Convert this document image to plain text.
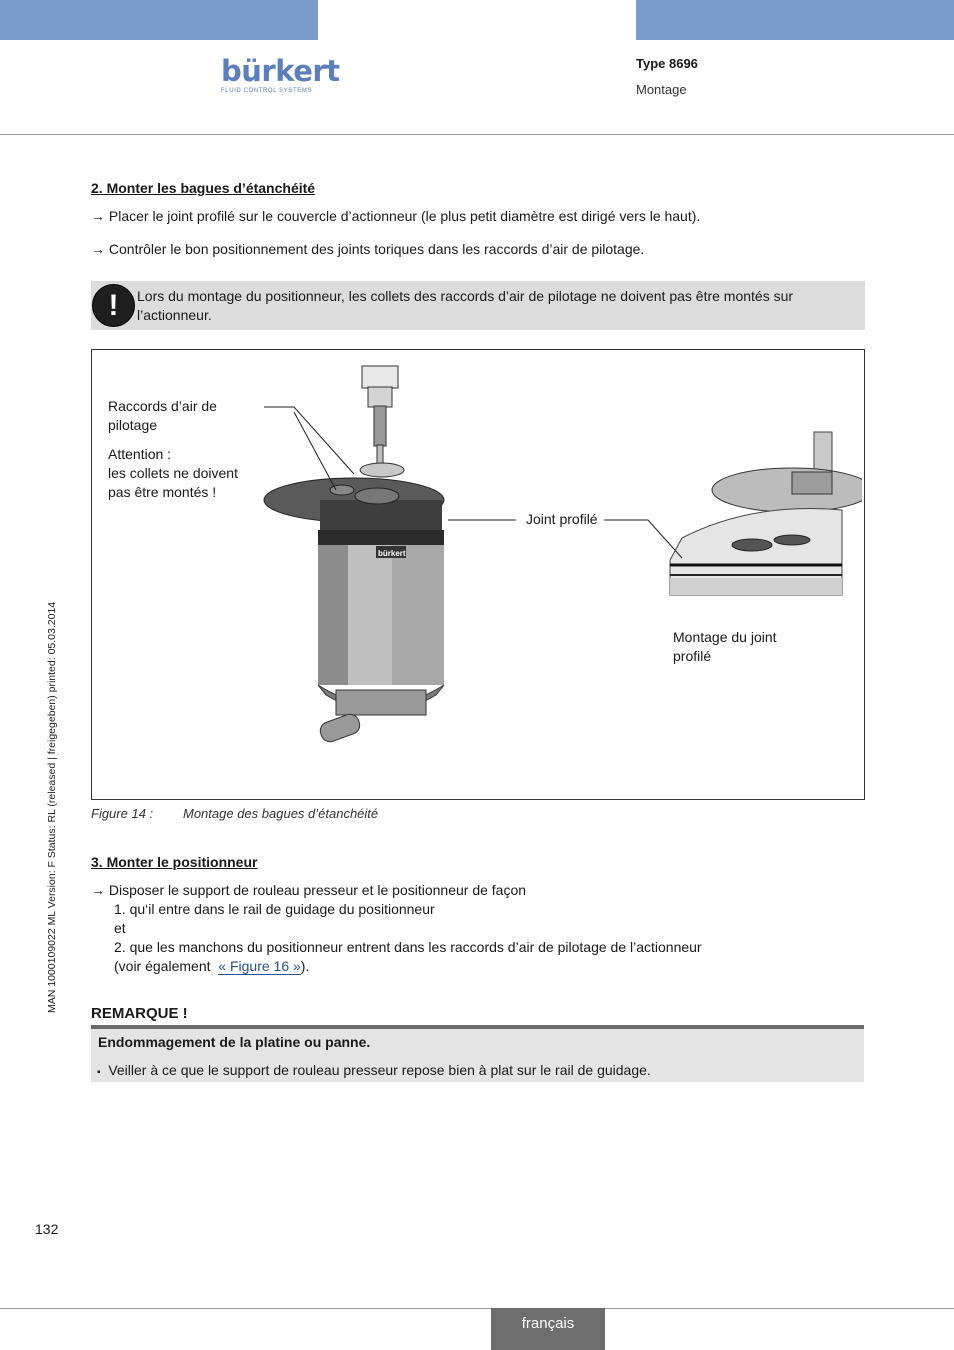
bürkert
FLUID CONTROL SYSTEMS
Type 8696
Montage
MAN 1000109022 ML Version: F Status: RL (released | freigegeben) printed: 05.03.2014
2. Monter les bagues d’étanchéité
→ Placer le joint profilé sur le couvercle d’actionneur (le plus petit diamètre est dirigé vers le haut).
→ Contrôler le bon positionnement des joints toriques dans les raccords d’air de pilotage.
!	Lors du montage du positionneur, les collets des raccords d’air de pilotage ne doivent pas être montés sur l’actionneur.
bürkert
Raccords d’air de
pilotage
Attention :
les collets ne doivent
pas être montés !
Joint profilé
Montage du joint
profilé
Figure 14 : Montage des bagues d’étanchéité
3. Monter le positionneur
→ Disposer le support de rouleau presseur et le positionneur de façon
1. qu‘il entre dans le rail de guidage du positionneur
et
2. que les manchons du positionneur entrent dans les raccords d’air de pilotage de l’actionneur
(voir également « Figure 16 »).
REMARQUE !
Endommagement de la platine ou panne.
▪ Veiller à ce que le support de rouleau presseur repose bien à plat sur le rail de guidage.
132
français
